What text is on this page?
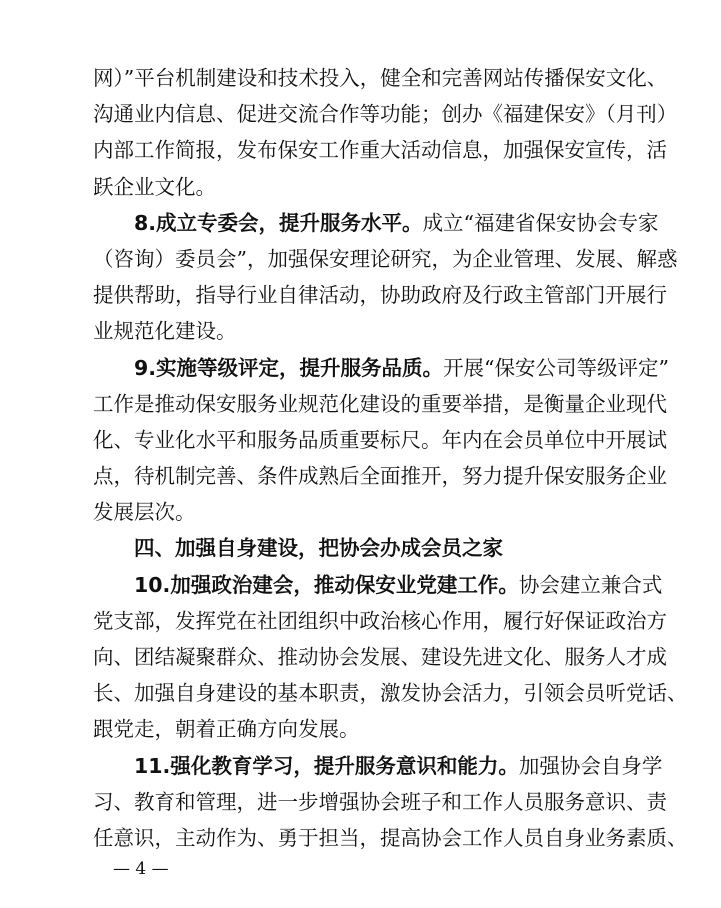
网）”平台机制建设和技术投入，健全和完善网站传播保安文化、
沟通业内信息、促进交流合作等功能；创办《福建保安》（月刊）
内部工作简报，发布保安工作重大活动信息，加强保安宣传，活
跃企业文化。
8.成立专委会，提升服务水平。成立“福建省保安协会专家
（咨询）委员会”，加强保安理论研究，为企业管理、发展、解惑
提供帮助，指导行业自律活动，协助政府及行政主管部门开展行
业规范化建设。
9.实施等级评定，提升服务品质。开展“保安公司等级评定”
工作是推动保安服务业规范化建设的重要举措，是衡量企业现代
化、专业化水平和服务品质重要标尺。年内在会员单位中开展试
点，待机制完善、条件成熟后全面推开，努力提升保安服务企业
发展层次。
四、加强自身建设，把协会办成会员之家
10.加强政治建会，推动保安业党建工作。协会建立兼合式
党支部，发挥党在社团组织中政治核心作用，履行好保证政治方
向、团结凝聚群众、推动协会发展、建设先进文化、服务人才成
长、加强自身建设的基本职责，激发协会活力，引领会员听党话、
跟党走，朝着正确方向发展。
11.强化教育学习，提升服务意识和能力。加强协会自身学
习、教育和管理，进一步增强协会班子和工作人员服务意识、责
任意识，主动作为、勇于担当，提高协会工作人员自身业务素质、
— 4 —
